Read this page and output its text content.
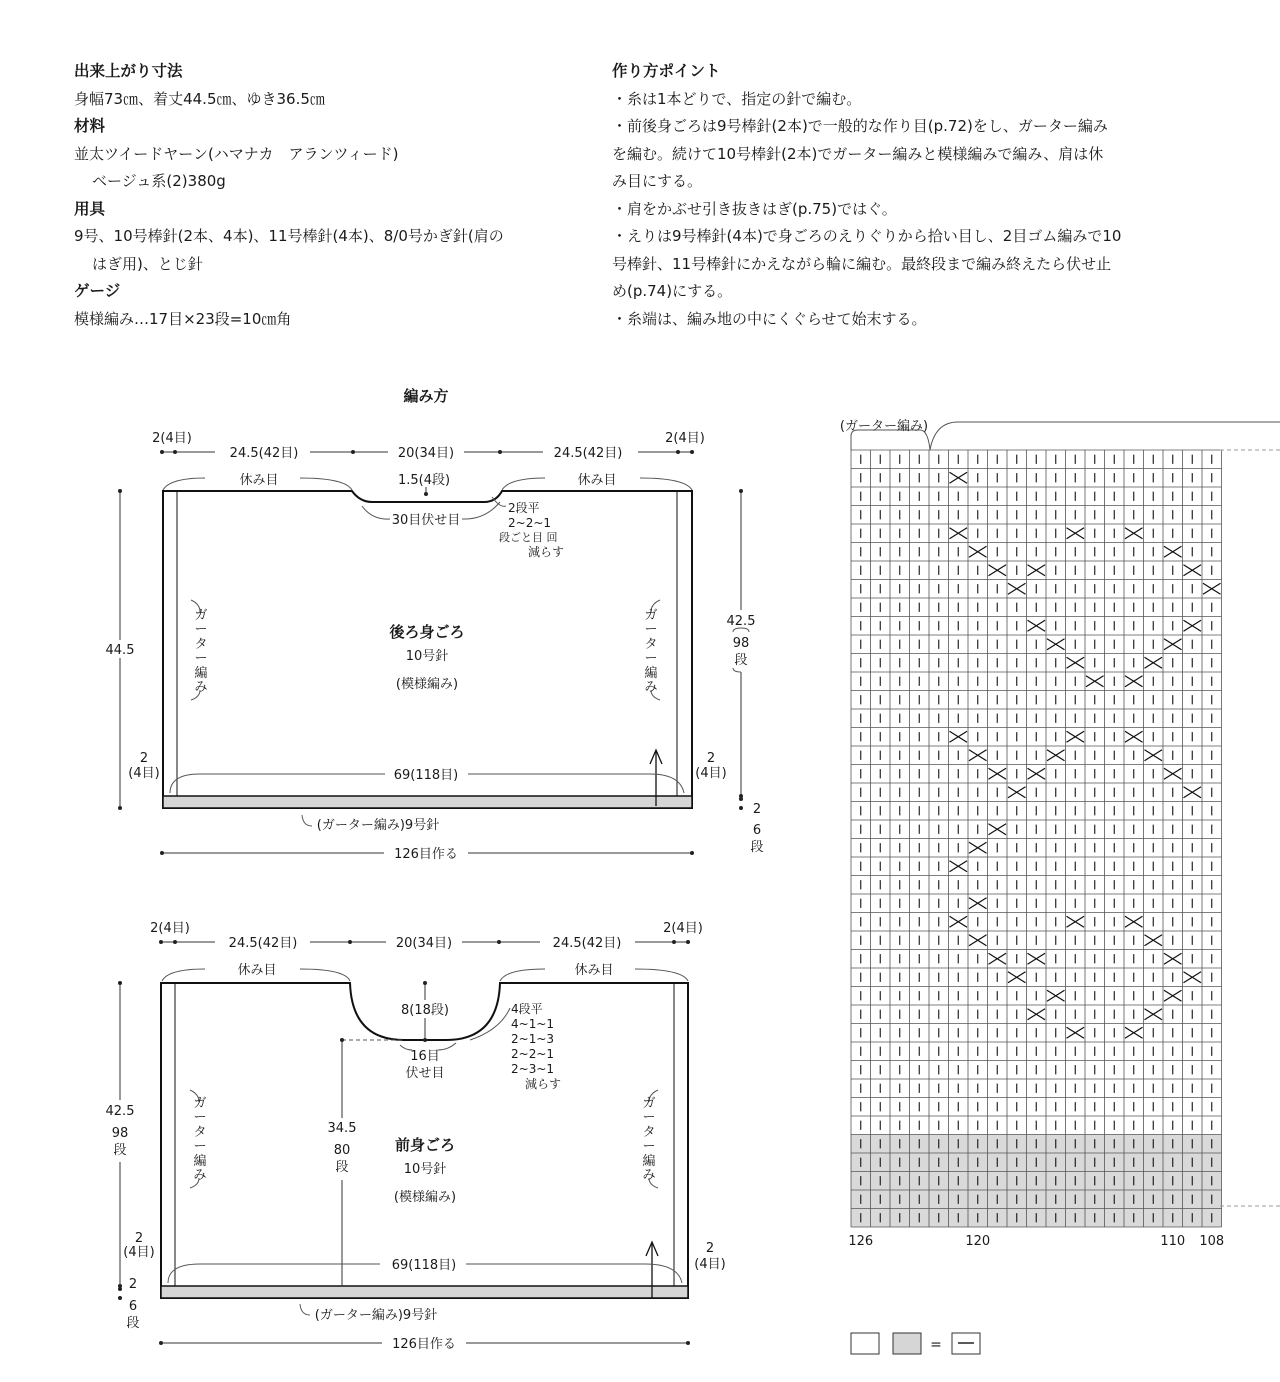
出来上がり寸法
身幅73㎝、着丈44.5㎝、ゆき36.5㎝
材料
並太ツイードヤーン(ハマナカ　アランツィード)
ベージュ系(2)380g
用具
9号、10号棒針(2本、4本)、11号棒針(4本)、8/0号かぎ針(肩の
はぎ用)、とじ針
ゲージ
模様編み…17目×23段=10㎝角
作り方ポイント
・糸は1本どりで、指定の針で編む。
・前後身ごろは9号棒針(2本)で一般的な作り目(p.72)をし、ガーター編み
を編む。続けて10号棒針(2本)でガーター編みと模様編みで編み、肩は休
み目にする。
・肩をかぶせ引き抜きはぎ(p.75)ではぐ。
・えりは9号棒針(4本)で身ごろのえりぐりから拾い目し、2目ゴム編みで10
号棒針、11号棒針にかえながら輪に編む。最終段まで編み終えたら伏せ止
め(p.74)にする。
・糸端は、編み地の中にくぐらせて始末する。
編み方
2(4目)
24.5(42目)	20(34目)	24.5(42目)
2(4目)
休み目	休み目
1.5(4段)
30目伏せ目
2段平
2~2~1
段ごと目 回
減らす
後ろ身ごろ
10号針
(模様編み)
ガ
ー
タ
ー
編
み
ガ
ー
タ
ー
編
み
69(118目)
2
(4目)
2
(4目)
44.5
42.5
98
段
2
6
段
(ガーター編み)9号針
126目作る
2(4目)
24.5(42目)	20(34目)	24.5(42目)
2(4目)
休み目	休み目
8(18段)
16目
伏せ目
4段平
4~1~1
2~1~3
2~2~1
2~3~1
減らす
34.5
80
段
前身ごろ
10号針
(模様編み)
ガ
ー
タ
ー
編
み
ガ
ー
タ
ー
編
み
69(118目)
2
(4目)	2
(4目)
42.5
98
段
2
6
段
(ガーター編み)9号針
126目作る
(ガーター編み)
126	120	110 108
=
